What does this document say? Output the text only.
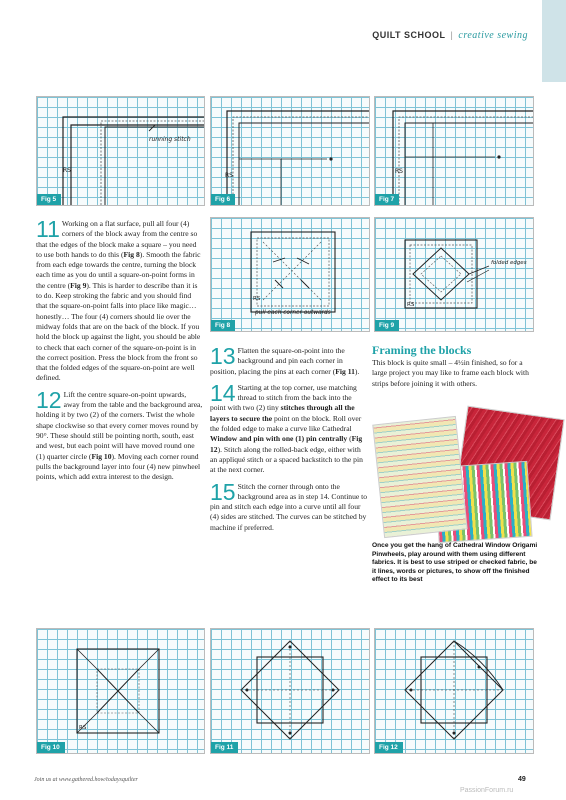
QUILT SCHOOL | creative sewing
RS
running stitch
Fig 5
RS
Fig 6
RS
Fig 7
RS
pull each corner outwards
Fig 8
folded edges
RS
Fig 9

11 Working on a flat surface, pull all four (4) corners of the block away from the centre so that the edges of the block make a square – you need to use both hands to do this (Fig 8). Smooth the fabric from each edge towards the centre, turning the block each time as you do until a square-on-point forms in the centre (Fig 9). This is harder to describe than it is to do. Keep stroking the fabric and you should find that the square-on-point falls into place like magic… honestly… The four (4) corners should lie over the midway folds that are on the back of the block. If you hold the block up against the light, you should be able to check that each corner of the square-on-point is in the correct position. Press the block from the front so that the folded edges of the square-on-point are well defined.

12 Lift the centre square-on-point upwards, away from the table and the background area, holding it by two (2) of the corners. Twist the whole shape clockwise so that every corner moves round by 90°. These should still be pointing north, south, east and west, but each point will have moved round one (1) quarter circle (Fig 10). Moving each corner round pulls the background layer into four (4) new pinwheel points, which add extra interest to the design.

13 Flatten the square-on-point into the background and pin each corner in position, placing the pins at each corner (Fig 11).

14 Starting at the top corner, use matching thread to stitch from the back into the point with two (2) tiny stitches through all the layers to secure the point on the block. Roll over the folded edge to make a curve like Cathedral Window and pin with one (1) pin centrally (Fig 12). Stitch along the rolled-back edge, either with an appliqué stitch or a spaced backstitch to the pin at the next corner.

15 Stitch the corner through onto the background area as in step 14. Continue to pin and stitch each edge into a curve until all four (4) sides are stitched. The curves can be stitched by machine if preferred.

Framing the blocks
This block is quite small – 4½in finished, so for a large project you may like to frame each block with strips before joining it with others.
Once you get the hang of Cathedral Window Origami Pinwheels, play around with them using different fabrics. It is best to use striped or checked fabric, be it lines, words or pictures, to show off the finished effect to its best
RS
Fig 10	Fig 11	Fig 12
Join us at www.gathered.how/todaysquilter	49
PassionForum.ru
